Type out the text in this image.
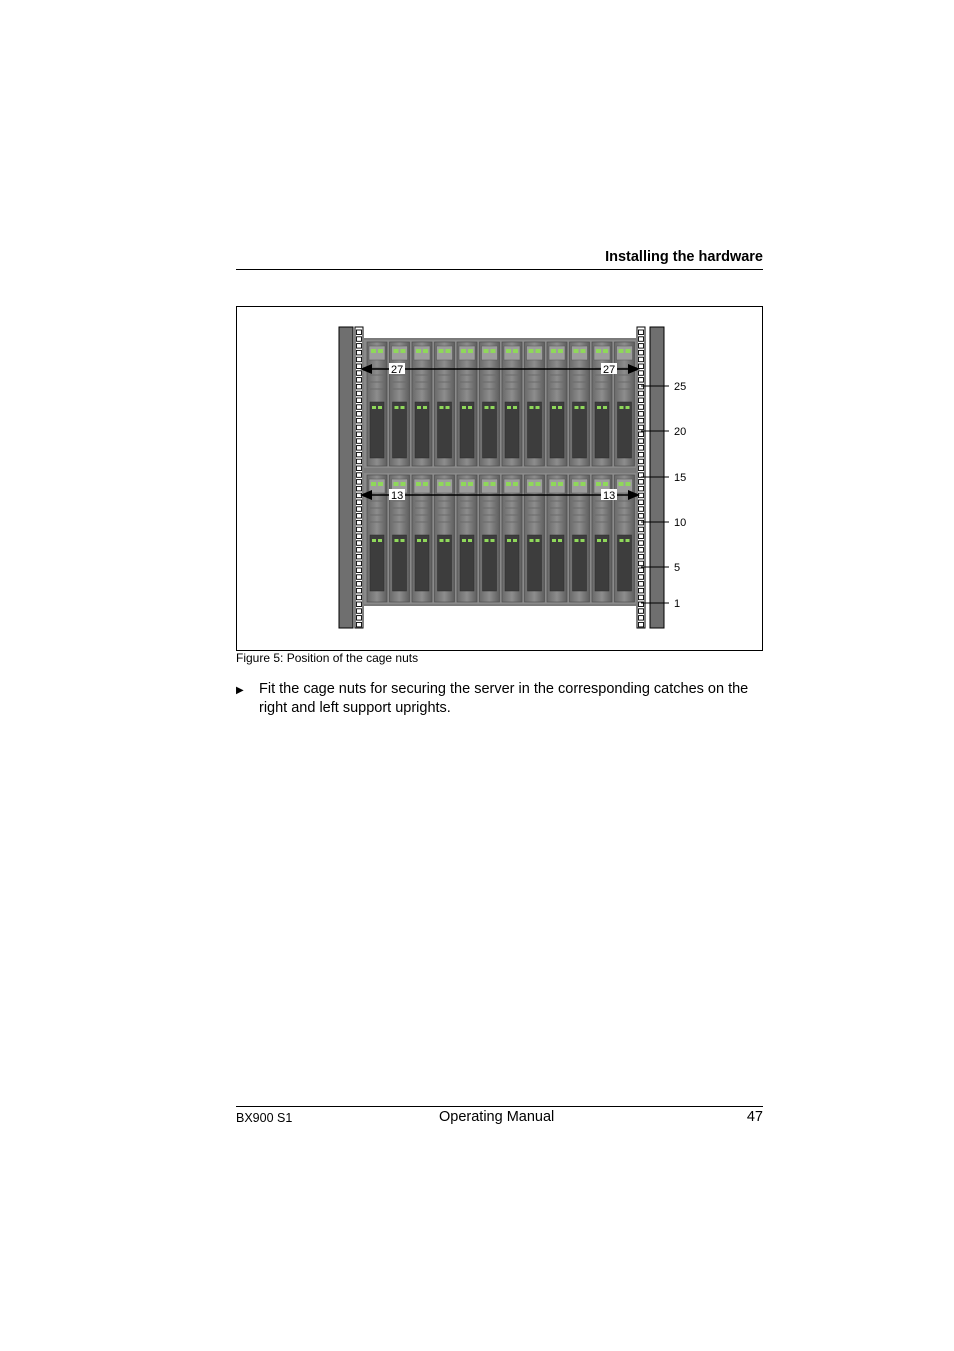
Installing the hardware
27	27
13	13
25
20
15
10
5
1
Figure 5: Position of the cage nuts
▶ Fit the cage nuts for securing the server in the corresponding catches on the right and left support uprights.
BX900 S1	Operating Manual	47
